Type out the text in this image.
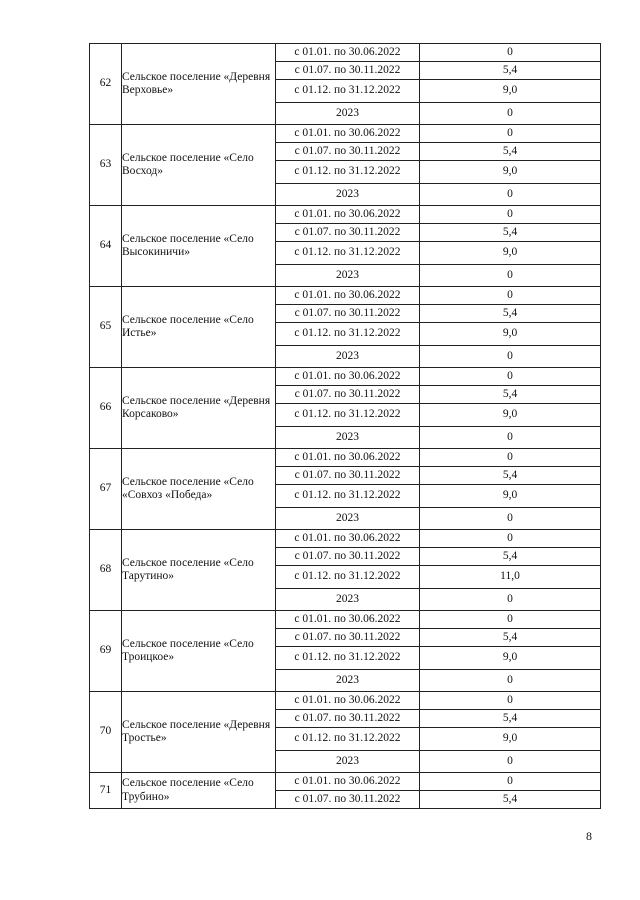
62	Сельское поселение «Деревня Верховье»	с 01.01. по 30.06.2022	0
		с 01.07. по 30.11.2022	5,4
		с 01.12. по 31.12.2022	9,0
		2023	0
63	Сельское поселение «Село Восход»	с 01.01. по 30.06.2022	0
		с 01.07. по 30.11.2022	5,4
		с 01.12. по 31.12.2022	9,0
		2023	0
64	Сельское поселение «Село Высокиничи»	с 01.01. по 30.06.2022	0
		с 01.07. по 30.11.2022	5,4
		с 01.12. по 31.12.2022	9,0
		2023	0
65	Сельское поселение «Село Истье»	с 01.01. по 30.06.2022	0
		с 01.07. по 30.11.2022	5,4
		с 01.12. по 31.12.2022	9,0
		2023	0
66	Сельское поселение «Деревня Корсаково»	с 01.01. по 30.06.2022	0
		с 01.07. по 30.11.2022	5,4
		с 01.12. по 31.12.2022	9,0
		2023	0
67	Сельское поселение «Село «Совхоз «Победа»	с 01.01. по 30.06.2022	0
		с 01.07. по 30.11.2022	5,4
		с 01.12. по 31.12.2022	9,0
		2023	0
68	Сельское поселение «Село Тарутино»	с 01.01. по 30.06.2022	0
		с 01.07. по 30.11.2022	5,4
		с 01.12. по 31.12.2022	11,0
		2023	0
69	Сельское поселение «Село Троицкое»	с 01.01. по 30.06.2022	0
		с 01.07. по 30.11.2022	5,4
		с 01.12. по 31.12.2022	9,0
		2023	0
70	Сельское поселение «Деревня Тростье»	с 01.01. по 30.06.2022	0
		с 01.07. по 30.11.2022	5,4
		с 01.12. по 31.12.2022	9,0
		2023	0
71	Сельское поселение «Село Трубино»	с 01.01. по 30.06.2022	0
		с 01.07. по 30.11.2022	5,4
8
